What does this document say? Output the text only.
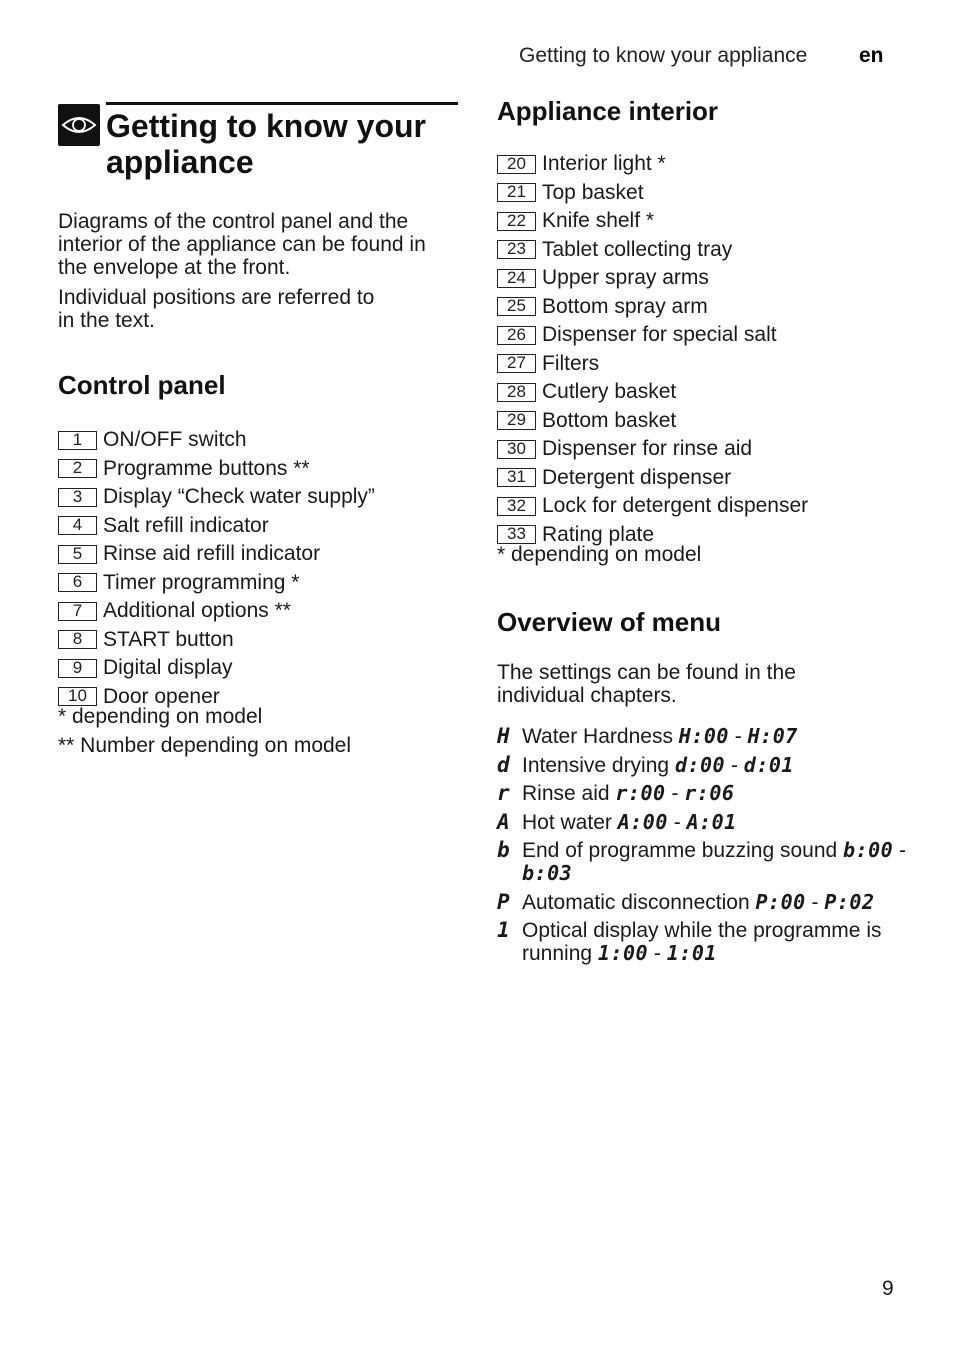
Getting to know your appliance en
Getting to know your appliance

Diagrams of the control panel and the interior of the appliance can be found in the envelope at the front.

Individual positions are referred to in the text.

Control panel
1 ON/OFF switch
2 Programme buttons **
3 Display “Check water supply”
4 Salt refill indicator
5 Rinse aid refill indicator
6 Timer programming *
7 Additional options **
8 START button
9 Digital display
10 Door opener
* depending on model
** Number depending on model
Appliance interior
20 Interior light *
21 Top basket
22 Knife shelf *
23 Tablet collecting tray
24 Upper spray arms
25 Bottom spray arm
26 Dispenser for special salt
27 Filters
28 Cutlery basket
29 Bottom basket
30 Dispenser for rinse aid
31 Detergent dispenser
32 Lock for detergent dispenser
33 Rating plate
* depending on model
Overview of menu

The settings can be found in the individual chapters.

H Water Hardness H:00 - H:07
d Intensive drying d:00 - d:01
r Rinse aid r:00 - r:06
A Hot water A:00 - A:01
b End of programme buzzing sound b:00 - b:03
P Automatic disconnection P:00 - P:02
1 Optical display while the programme is running 1:00 - 1:01
9
